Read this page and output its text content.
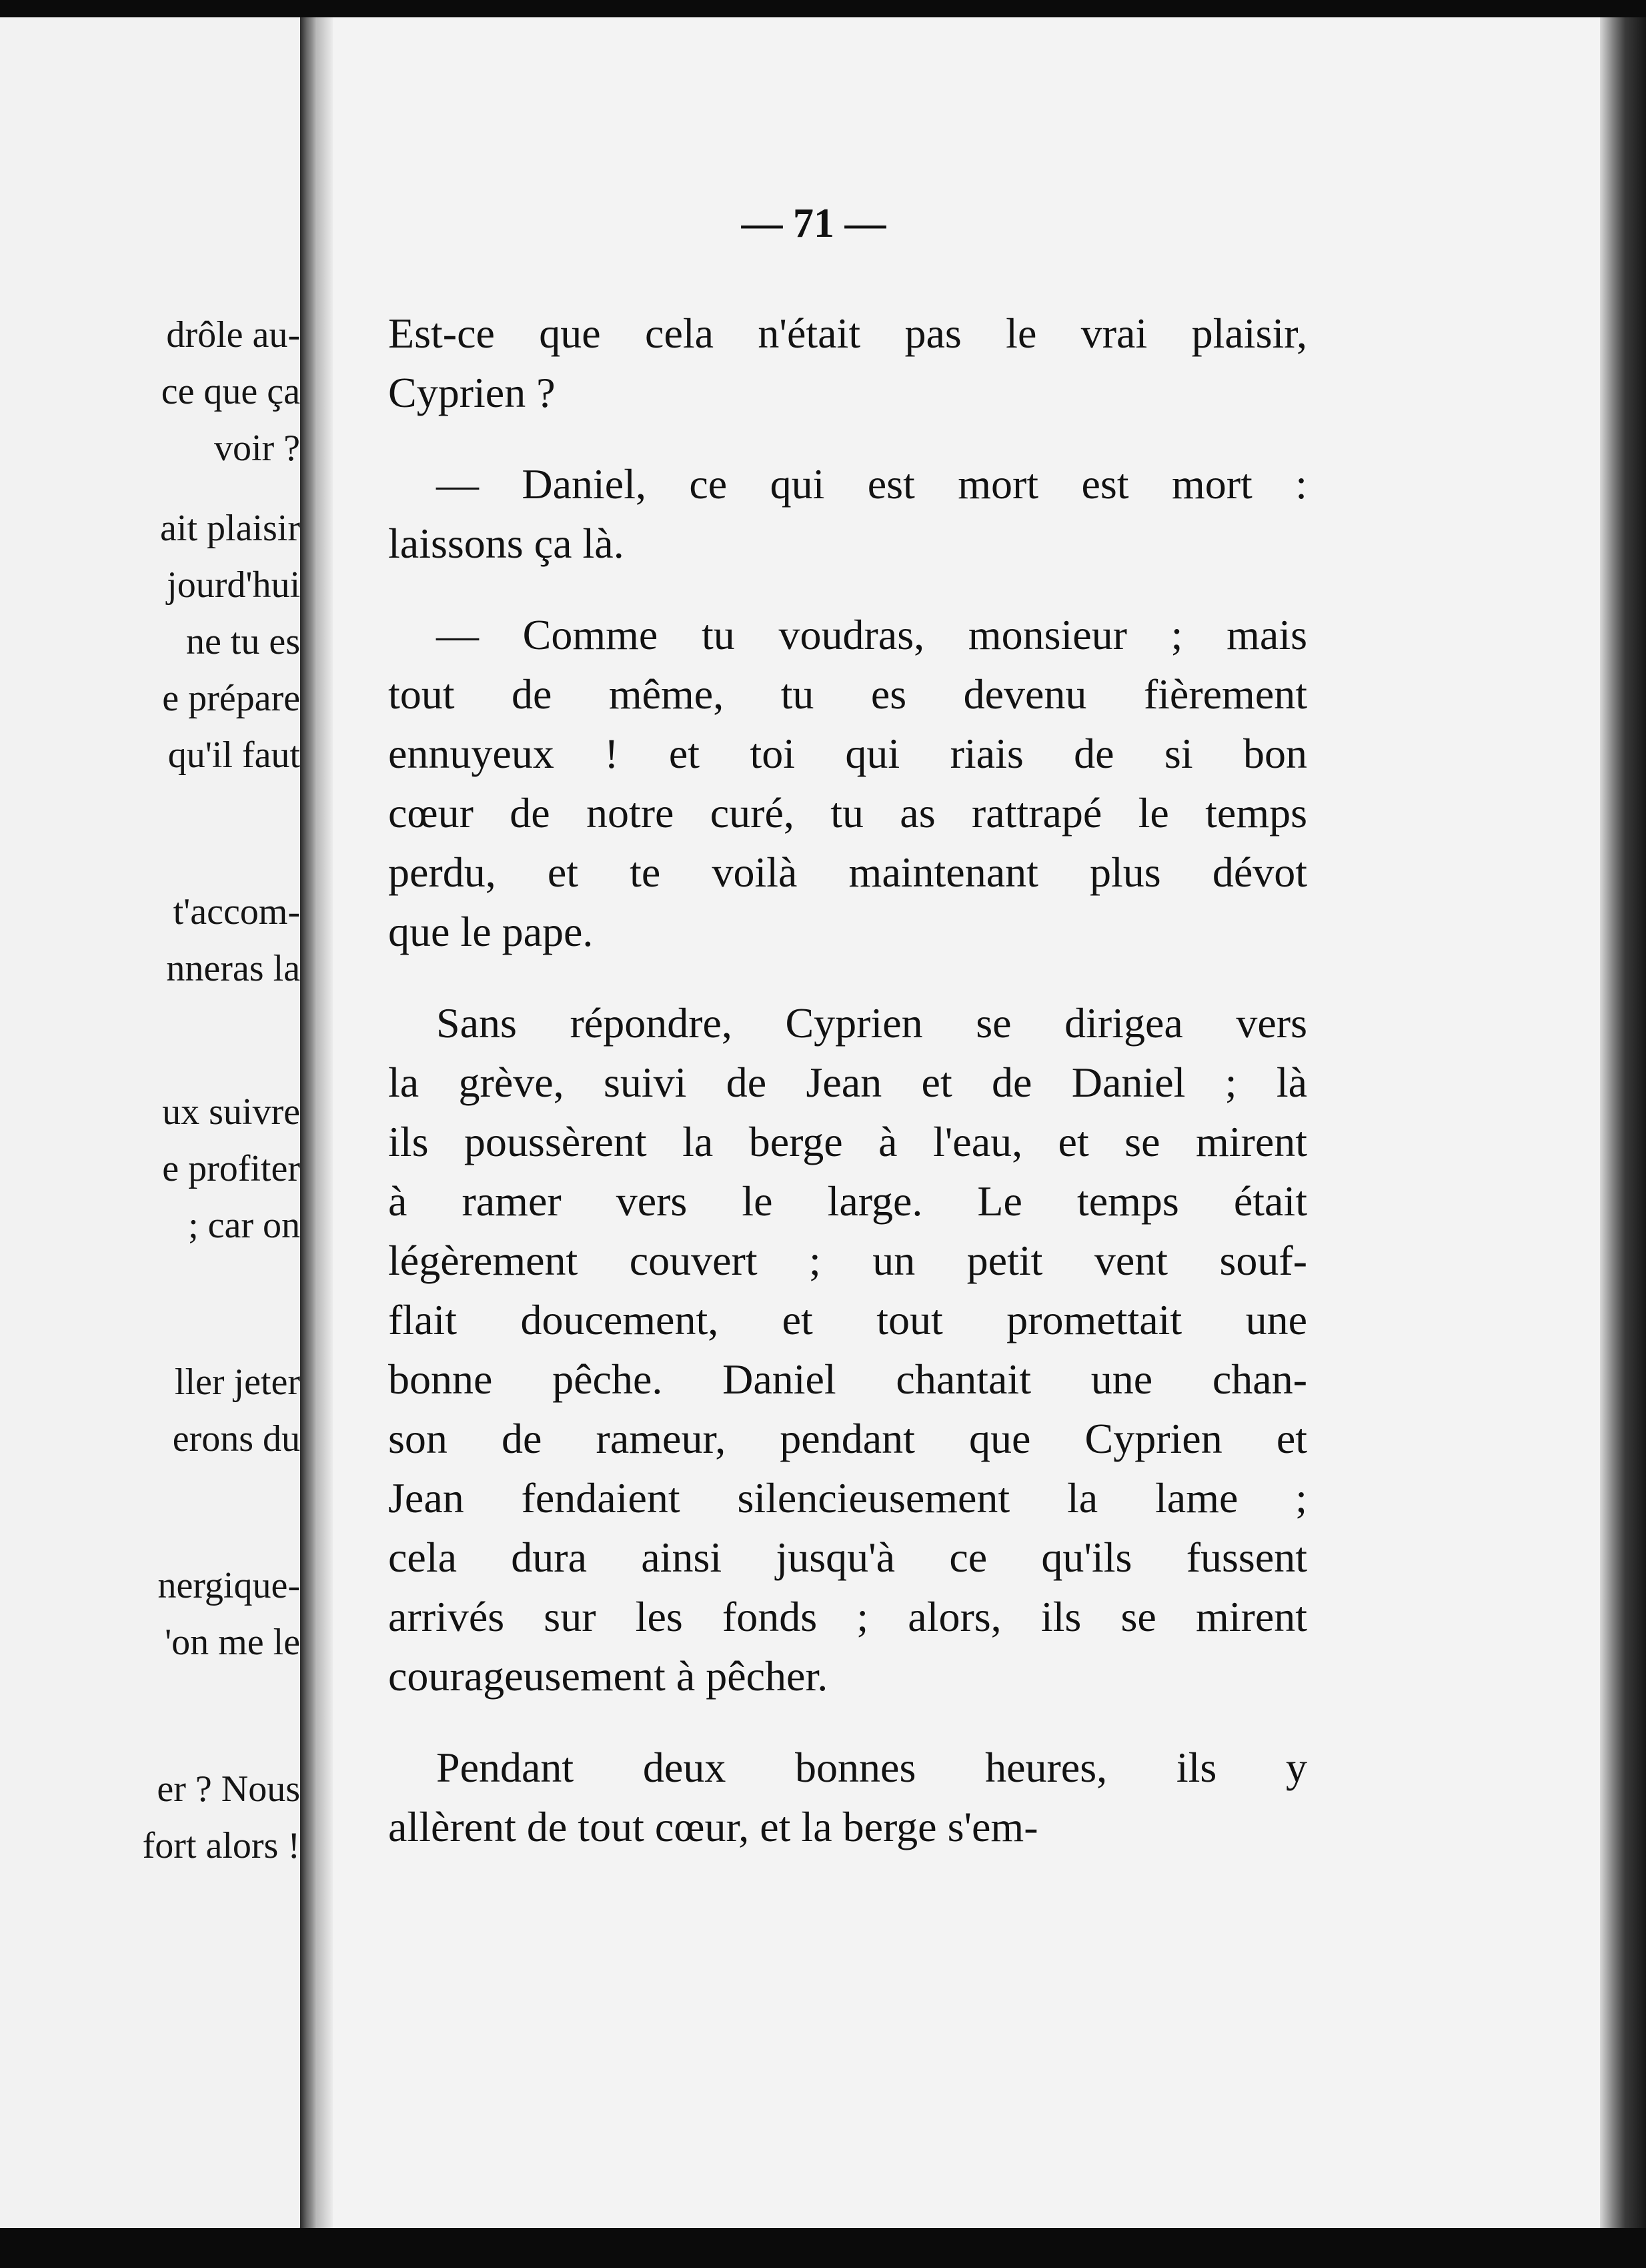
drôle au-
ce que ça
voir ?
ait plaisir
jourd'hui
ne tu es
e prépare
qu'il faut
t'accom-
nneras la
ux suivre
e profiter
; car on
ller jeter
erons du
nergique-
'on me le
er ? Nous
fort alors !
— 71 —
Est-ce que cela n'était pas le vrai plaisir,
Cyprien ?
— Daniel, ce qui est mort est mort :
laissons ça là.
— Comme tu voudras, monsieur ; mais
tout de même, tu es devenu fièrement
ennuyeux ! et toi qui riais de si bon
cœur de notre curé, tu as rattrapé le temps
perdu, et te voilà maintenant plus dévot
que le pape.
Sans répondre, Cyprien se dirigea vers
la grève, suivi de Jean et de Daniel ; là
ils poussèrent la berge à l'eau, et se mirent
à ramer vers le large. Le temps était
légèrement couvert ; un petit vent souf-
flait doucement, et tout promettait une
bonne pêche. Daniel chantait une chan-
son de rameur, pendant que Cyprien et
Jean fendaient silencieusement la lame ;
cela dura ainsi jusqu'à ce qu'ils fussent
arrivés sur les fonds ; alors, ils se mirent
courageusement à pêcher.
Pendant deux bonnes heures, ils y
allèrent de tout cœur, et la berge s'em-
